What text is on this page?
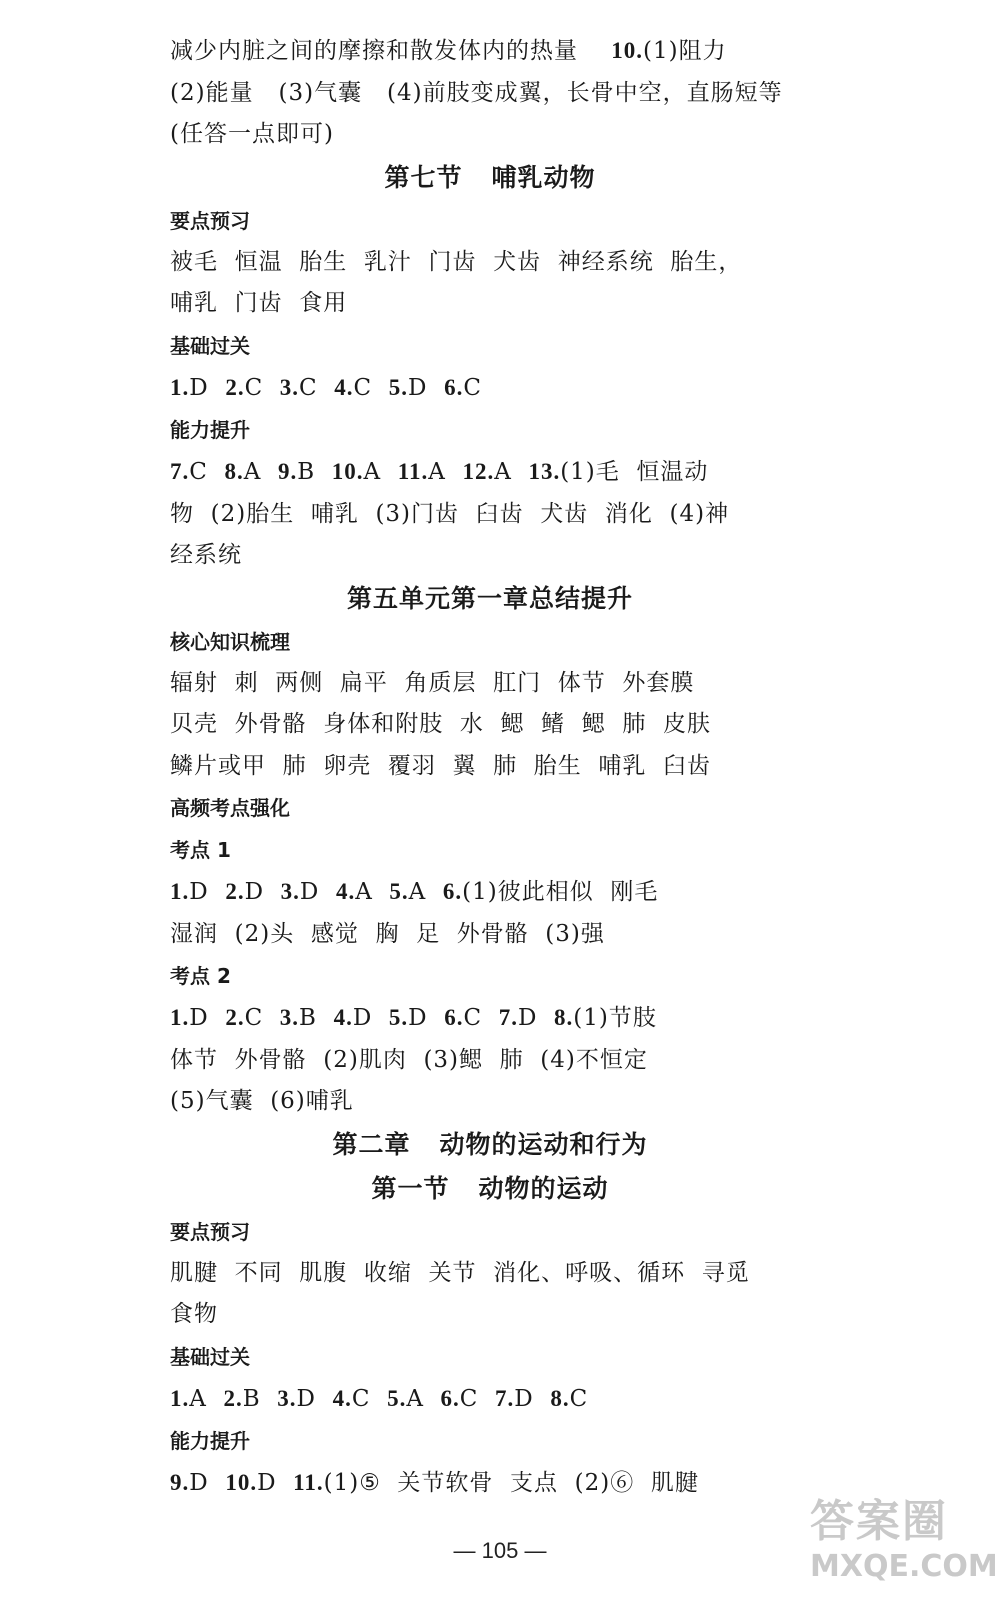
减少内脏之间的摩擦和散发体内的热量    10.(1)阻力
(2)能量   (3)气囊   (4)前肢变成翼，长骨中空，直肠短等
(任答一点即可)
第七节   哺乳动物
要点预习
被毛  恒温  胎生  乳汁  门齿  犬齿  神经系统  胎生，
哺乳  门齿  食用
基础过关
1.D  2.C  3.C  4.C  5.D  6.C
能力提升
7.C  8.A  9.B  10.A  11.A  12.A  13.(1)毛  恒温动
物  (2)胎生  哺乳  (3)门齿  臼齿  犬齿  消化  (4)神
经系统
第五单元第一章总结提升
核心知识梳理
辐射  刺  两侧  扁平  角质层  肛门  体节  外套膜
贝壳  外骨骼  身体和附肢  水  鳃  鳍  鳃  肺  皮肤
鳞片或甲  肺  卵壳  覆羽  翼  肺  胎生  哺乳  臼齿
高频考点强化
考点 1
1.D  2.D  3.D  4.A  5.A  6.(1)彼此相似  刚毛
湿润  (2)头  感觉  胸  足  外骨骼  (3)强
考点 2
1.D  2.C  3.B  4.D  5.D  6.C  7.D  8.(1)节肢
体节  外骨骼  (2)肌肉  (3)鳃  肺  (4)不恒定
(5)气囊  (6)哺乳
第二章   动物的运动和行为
第一节   动物的运动
要点预习
肌腱  不同  肌腹  收缩  关节  消化、呼吸、循环  寻觅
食物
基础过关
1.A  2.B  3.D  4.C  5.A  6.C  7.D  8.C
能力提升
9.D  10.D  11.(1)⑤  关节软骨  支点  (2)⑥  肌腱
— 105 —
答案圈
MXQE.COM
